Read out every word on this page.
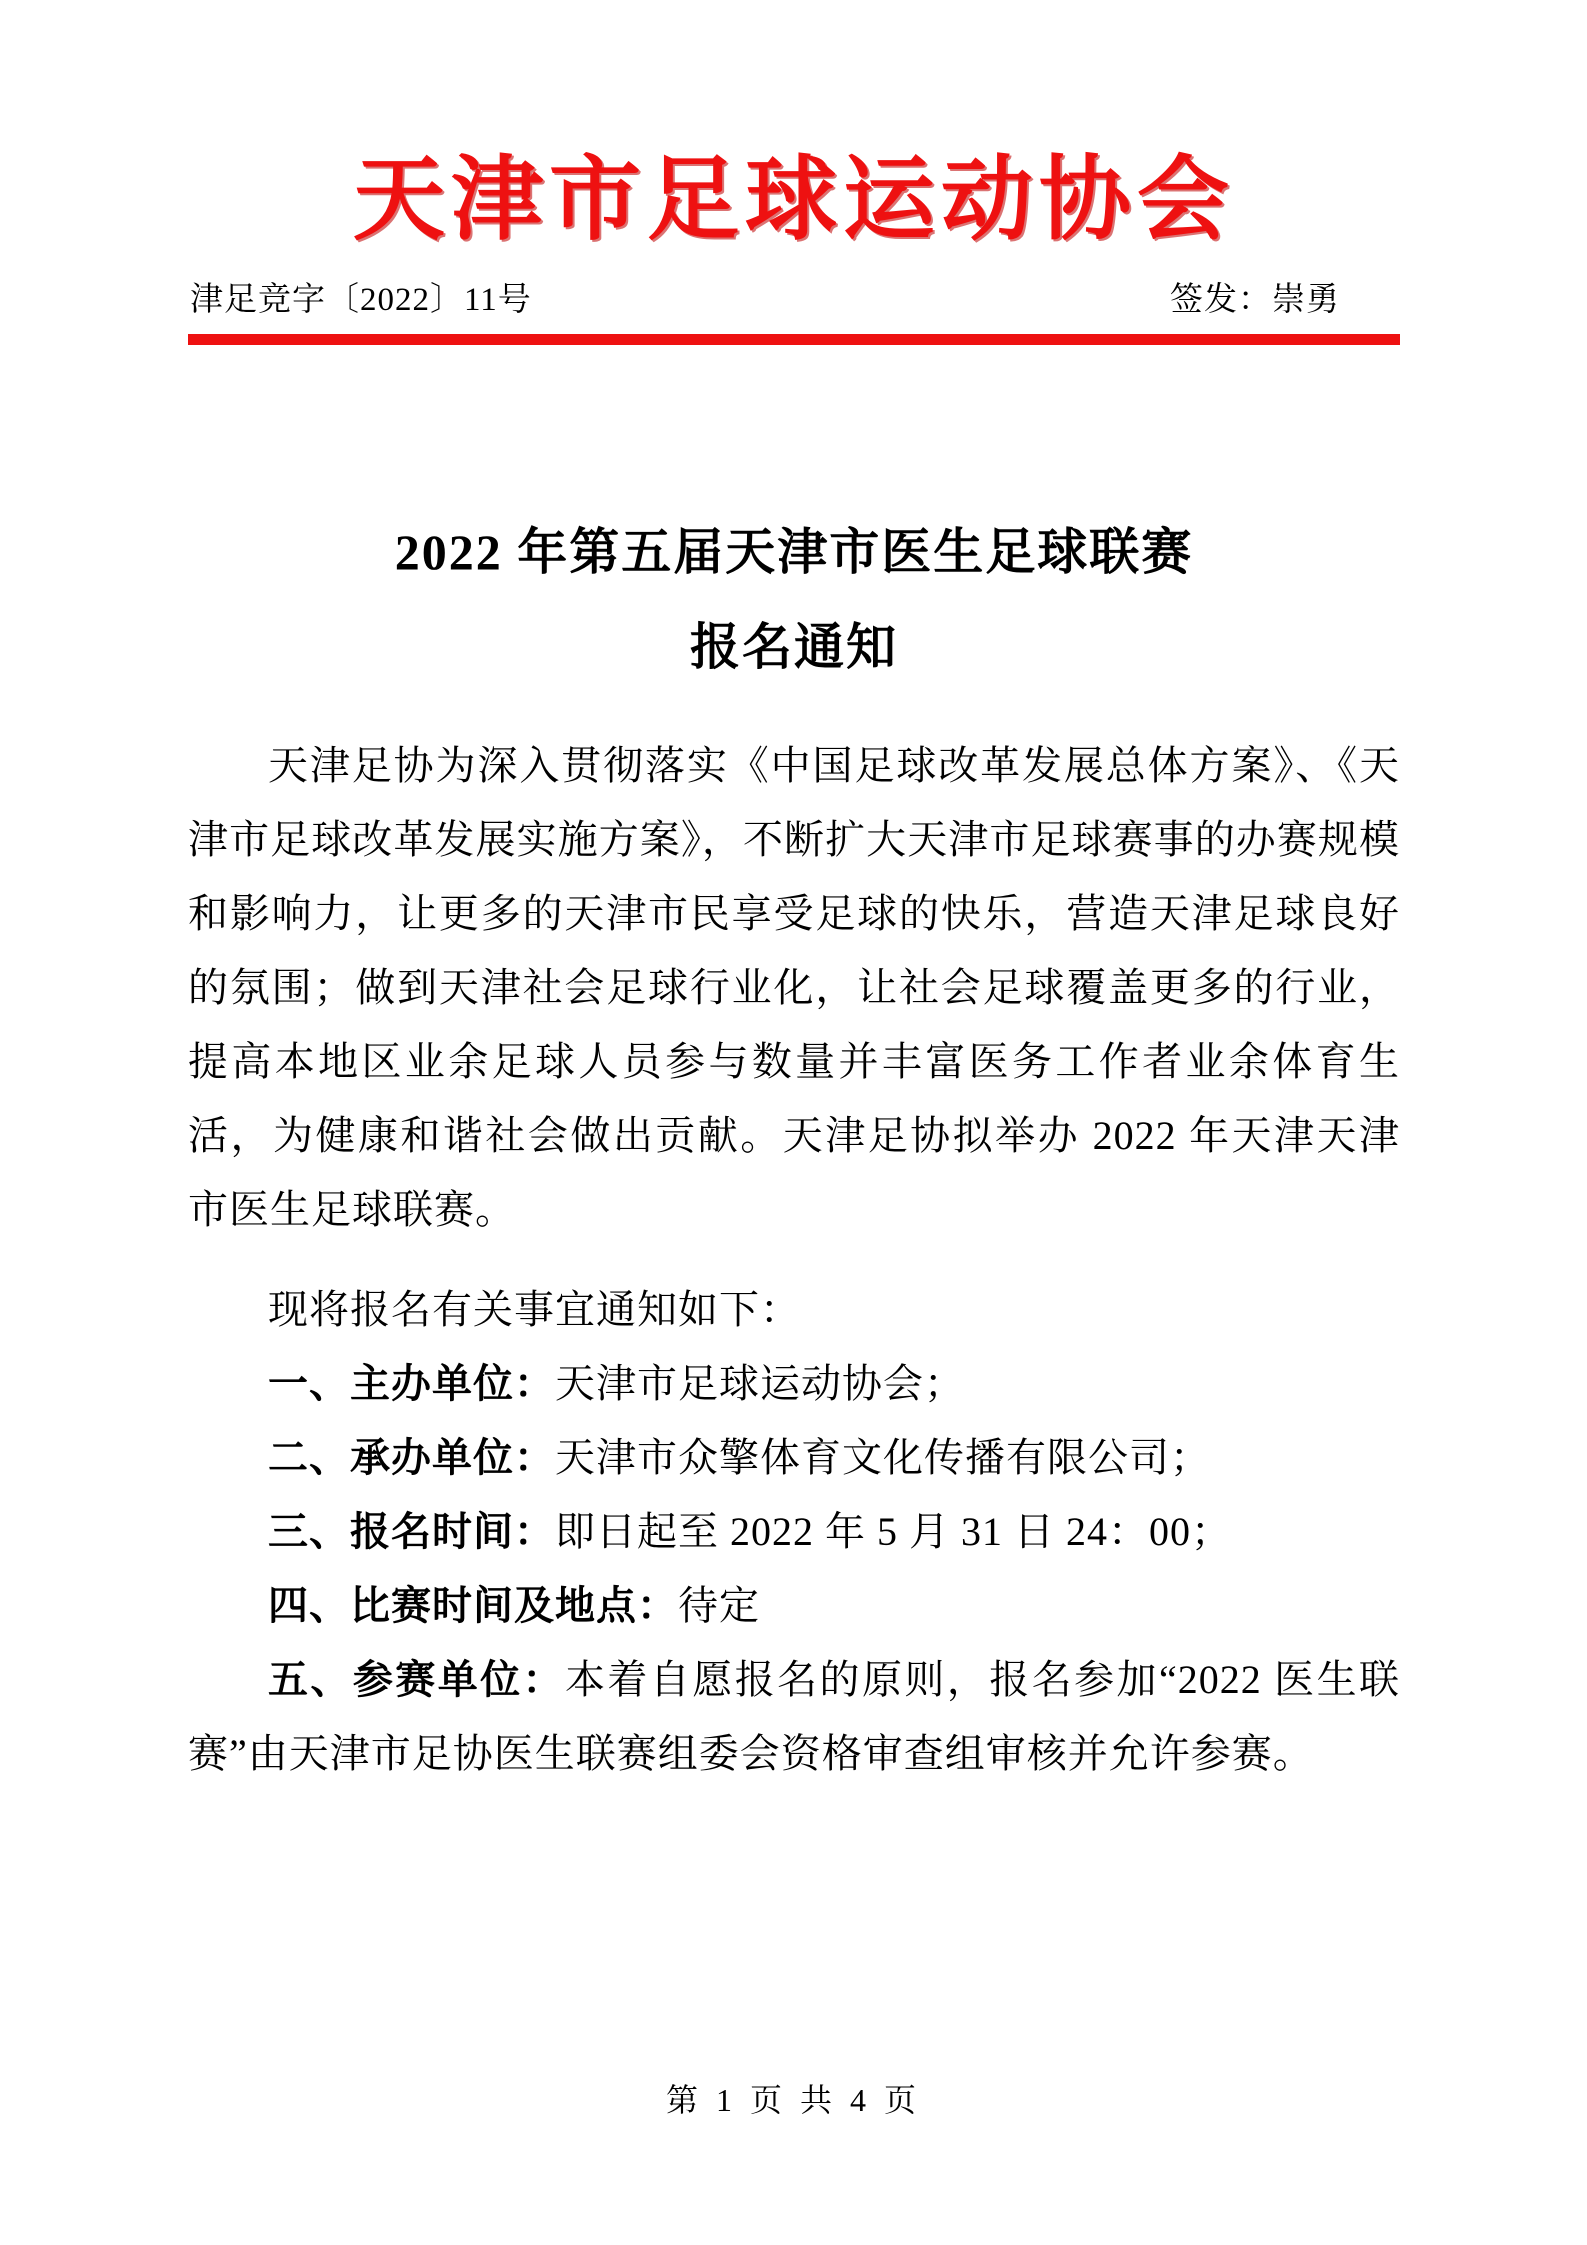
天津市足球运动协会
津足竞字〔2022〕11号	签发：崇勇
2022 年第五届天津市医生足球联赛
报名通知

天津足协为深入贯彻落实《中国足球改革发展总体方案》、《天津市足球改革发展实施方案》，不断扩大天津市足球赛事的办赛规模和影响力，让更多的天津市民享受足球的快乐，营造天津足球良好的氛围；做到天津社会足球行业化，让社会足球覆盖更多的行业，提高本地区业余足球人员参与数量并丰富医务工作者业余体育生活，为健康和谐社会做出贡献。天津足协拟举办 2022 年天津天津市医生足球联赛。

现将报名有关事宜通知如下：

一、主办单位：天津市足球运动协会；
二、承办单位：天津市众擎体育文化传播有限公司；
三、报名时间：即日起至 2022 年 5 月 31 日 24：00；
四、比赛时间及地点：待定
五、参赛单位：本着自愿报名的原则，报名参加“2022 医生联赛”由天津市足协医生联赛组委会资格审查组审核并允许参赛。
第 1 页 共 4 页
